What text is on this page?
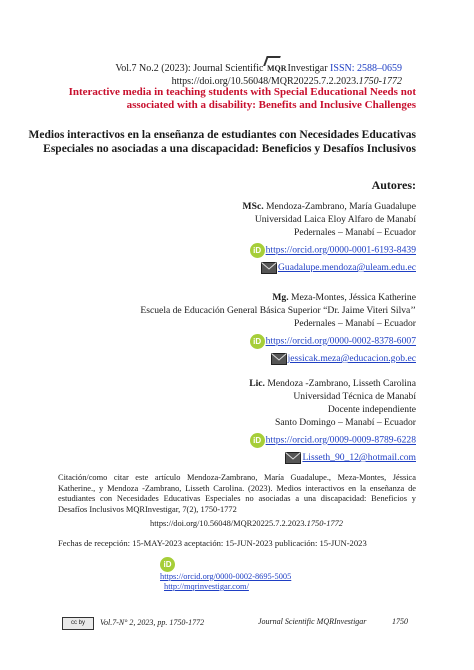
Vol.7 No.2 (2023): Journal Scientific MQRInvestigar ISSN: 2588–0659
https://doi.org/10.56048/MQR20225.7.2.2023.1750-1772
Interactive media in teaching students with Special Educational Needs not associated with a disability: Benefits and Inclusive Challenges
Medios interactivos en la enseñanza de estudiantes con Necesidades Educativas Especiales no asociadas a una discapacidad: Beneficios y Desafíos Inclusivos
Autores:
MSc. Mendoza-Zambrano, María Guadalupe
Universidad Laica Eloy Alfaro de Manabí
Pedernales – Manabí – Ecuador
iD https://orcid.org/0000-0001-6193-8439
Guadalupe.mendoza@uleam.edu.ec
Mg. Meza-Montes, Jéssica Katherine
Escuela de Educación General Básica Superior “Dr. Jaime Viteri Silva’’
Pedernales – Manabí – Ecuador
iD https://orcid.org/0000-0002-8378-6007
jessicak.meza@educacion.gob.ec
Lic. Mendoza -Zambrano, Lisseth Carolina
Universidad Técnica de Manabí
Docente independiente
Santo Domingo – Manabí – Ecuador
iD https://orcid.org/0009-0009-8789-6228
Lisseth_90_12@hotmail.com
Citación/como citar este artículo Mendoza-Zambrano, María Guadalupe., Meza-Montes, Jéssica Katherine., y Mendoza -Zambrano, Lisseth Carolina. (2023). Medios interactivos en la enseñanza de estudiantes con Necesidades Educativas Especiales no asociadas a una discapacidad: Beneficios y Desafíos Inclusivos MQRInvestigar, 7(2), 1750-1772
https://doi.org/10.56048/MQR20225.7.2.2023.1750-1772
Fechas de recepción: 15-MAY-2023 aceptación: 15-JUN-2023 publicación: 15-JUN-2023
iD
https://orcid.org/0000-0002-8695-5005
http://mqrinvestigar.com/
cc by Vol.7-N° 2, 2023, pp. 1750-1772	Journal Scientific MQRInvestigar	1750
